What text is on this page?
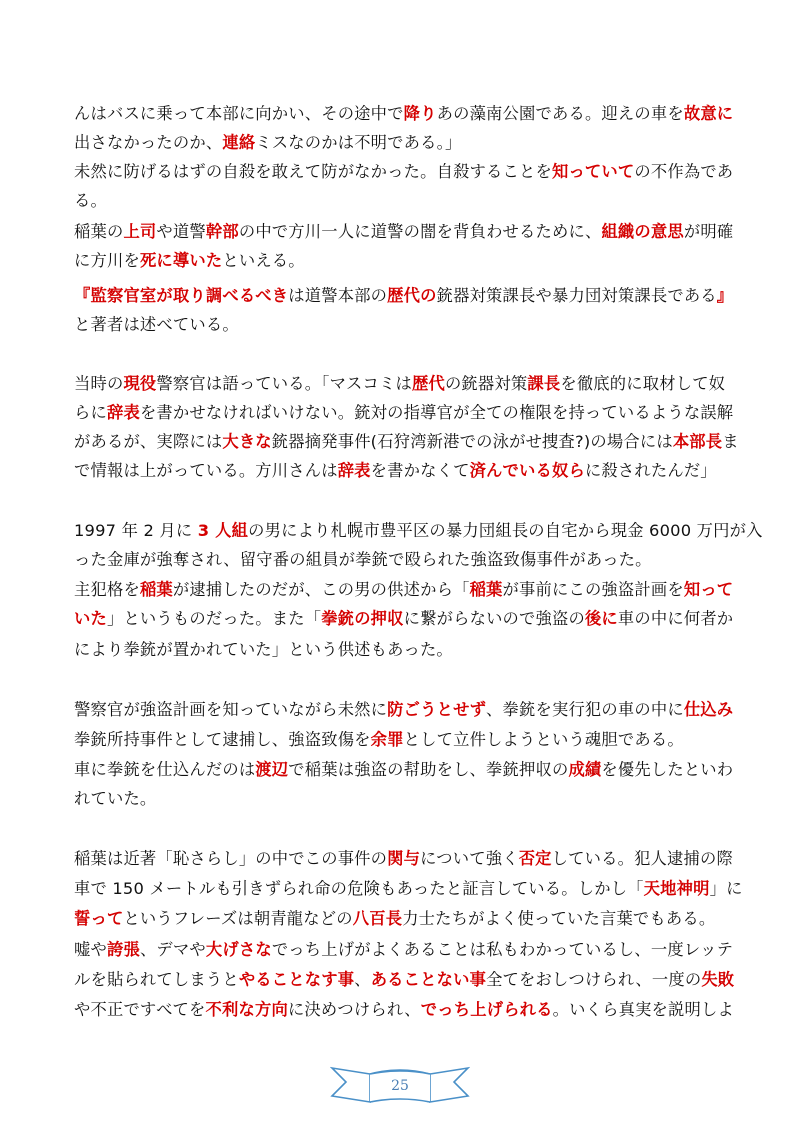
んはバスに乗って本部に向かい、その途中で降りあの藻南公園である。迎えの車を故意に
出さなかったのか、連絡ミスなのかは不明である。」
未然に防げるはずの自殺を敢えて防がなかった。自殺することを知っていての不作為であ
る。
稲葉の上司や道警幹部の中で方川一人に道警の闇を背負わせるために、組織の意思が明確
に方川を死に導いたといえる。
『監察官室が取り調べるべきは道警本部の歴代の銃器対策課長や暴力団対策課長である』
と著者は述べている。
当時の現役警察官は語っている。「マスコミは歴代の銃器対策課長を徹底的に取材して奴
らに辞表を書かせなければいけない。銃対の指導官が全ての権限を持っているような誤解
があるが、実際には大きな銃器摘発事件(石狩湾新港での泳がせ捜査?)の場合には本部長ま
で情報は上がっている。方川さんは辞表を書かなくて済んでいる奴らに殺されたんだ」
1997 年 2 月に 3 人組の男により札幌市豊平区の暴力団組長の自宅から現金 6000 万円が入
った金庫が強奪され、留守番の組員が拳銃で殴られた強盗致傷事件があった。
主犯格を稲葉が逮捕したのだが、この男の供述から「稲葉が事前にこの強盗計画を知って
いた」というものだった。また「拳銃の押収に繋がらないので強盗の後に車の中に何者か
により拳銃が置かれていた」という供述もあった。
警察官が強盗計画を知っていながら未然に防ごうとせず、拳銃を実行犯の車の中に仕込み
拳銃所持事件として逮捕し、強盗致傷を余罪として立件しようという魂胆である。
車に拳銃を仕込んだのは渡辺で稲葉は強盗の幇助をし、拳銃押収の成績を優先したといわ
れていた。
稲葉は近著「恥さらし」の中でこの事件の関与について強く否定している。犯人逮捕の際
車で 150 メートルも引きずられ命の危険もあったと証言している。しかし「天地神明」に
誓ってというフレーズは朝青龍などの八百長力士たちがよく使っていた言葉でもある。
嘘や誇張、デマや大げさなでっち上げがよくあることは私もわかっているし、一度レッテ
ルを貼られてしまうとやることなす事、あることない事全てをおしつけられ、一度の失敗
や不正ですべてを不利な方向に決めつけられ、でっち上げられる。いくら真実を説明しよ
25
